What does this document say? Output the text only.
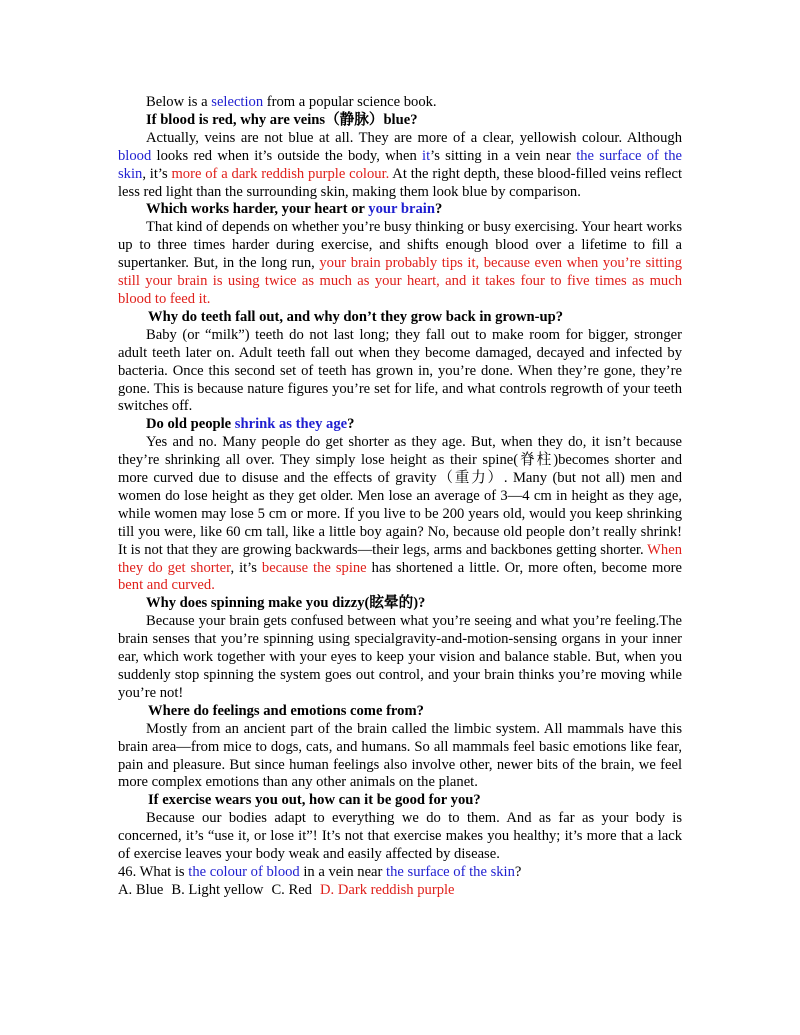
Below is a selection from a popular science book.

If blood is red, why are veins（静脉）blue?

Actually, veins are not blue at all. They are more of a clear, yellowish colour. Although blood looks red when it’s outside the body, when it’s sitting in a vein near the surface of the skin, it’s more of a dark reddish purple colour. At the right depth, these blood-filled veins reflect less red light than the surrounding skin, making them look blue by comparison.

Which works harder, your heart or your brain?

That kind of depends on whether you’re busy thinking or busy exercising. Your heart works up to three times harder during exercise, and shifts enough blood over a lifetime to fill a supertanker. But, in the long run, your brain probably tips it, because even when you’re sitting still your brain is using twice as much as your heart, and it takes four to five times as much blood to feed it.

Why do teeth fall out, and why don’t they grow back in grown-up?

Baby (or “milk”) teeth do not last long; they fall out to make room for bigger, stronger adult teeth later on. Adult teeth fall out when they become damaged, decayed and infected by bacteria. Once this second set of teeth has grown in, you’re done. When they’re gone, they’re gone. This is because nature figures you’re set for life, and what controls regrowth of your teeth switches off.

Do old people shrink as they age?

Yes and no. Many people do get shorter as they age. But, when they do, it isn’t because they’re shrinking all over. They simply lose height as their spine(脊柱)becomes shorter and more curved due to disuse and the effects of gravity（重力）. Many (but not all) men and women do lose height as they get older. Men lose an average of 3—4 cm in height as they age, while women may lose 5 cm or more. If you live to be 200 years old, would you keep shrinking till you were, like 60 cm tall, like a little boy again? No, because old people don’t really shrink! It is not that they are growing backwards—their legs, arms and backbones getting shorter. When they do get shorter, it’s because the spine has shortened a little. Or, more often, become more bent and curved.

Why does spinning make you dizzy(眩晕的)?

Because your brain gets confused between what you’re seeing and what you’re feeling.The brain senses that you’re spinning using specialgravity-and-motion-sensing organs in your inner ear, which work together with your eyes to keep your vision and balance stable. But, when you suddenly stop spinning the system goes out control, and your brain thinks you’re moving while you’re not!

Where do feelings and emotions come from?

Mostly from an ancient part of the brain called the limbic system. All mammals have this brain area—from mice to dogs, cats, and humans. So all mammals feel basic emotions like fear, pain and pleasure. But since human feelings also involve other, newer bits of the brain, we feel more complex emotions than any other animals on the planet.

If exercise wears you out, how can it be good for you?

Because our bodies adapt to everything we do to them. And as far as your body is concerned, it’s “use it, or lose it”! It’s not that exercise makes you healthy; it’s more that a lack of exercise leaves your body weak and easily affected by disease.

46. What is the colour of blood in a vein near the surface of the skin?

A. Blue B. Light yellow C. Red D. Dark reddish purple
